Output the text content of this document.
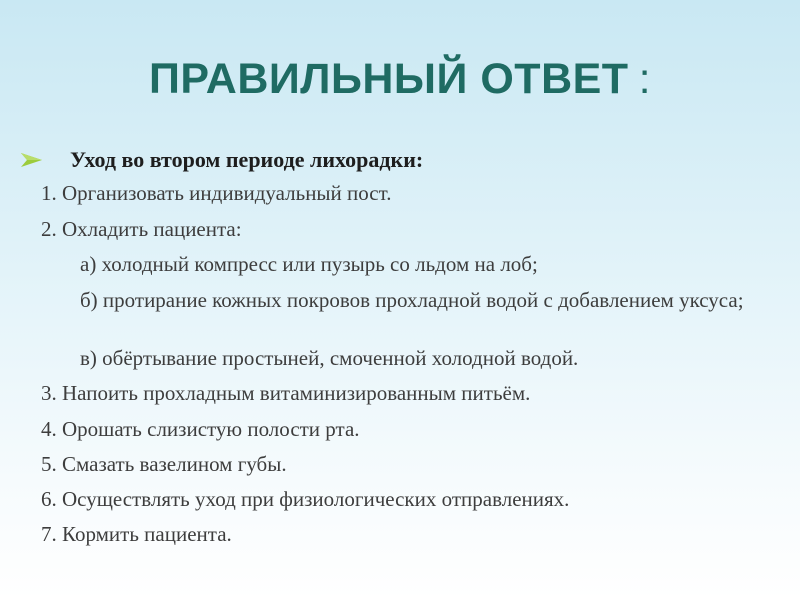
ПРАВИЛЬНЫЙ ОТВЕТ :
Уход во втором периоде лихорадки:
1. Организовать индивидуальный пост.
2. Охладить пациента:
а) холодный компресс или пузырь со льдом на лоб;
б) протирание кожных покровов прохладной водой с добавлением уксуса;
в) обёртывание простыней, смоченной холодной водой.
3. Напоить прохладным витаминизированным питьём.
4. Орошать слизистую полости рта.
5. Смазать вазелином губы.
6. Осуществлять уход при физиологических отправлениях.
7. Кормить пациента.
